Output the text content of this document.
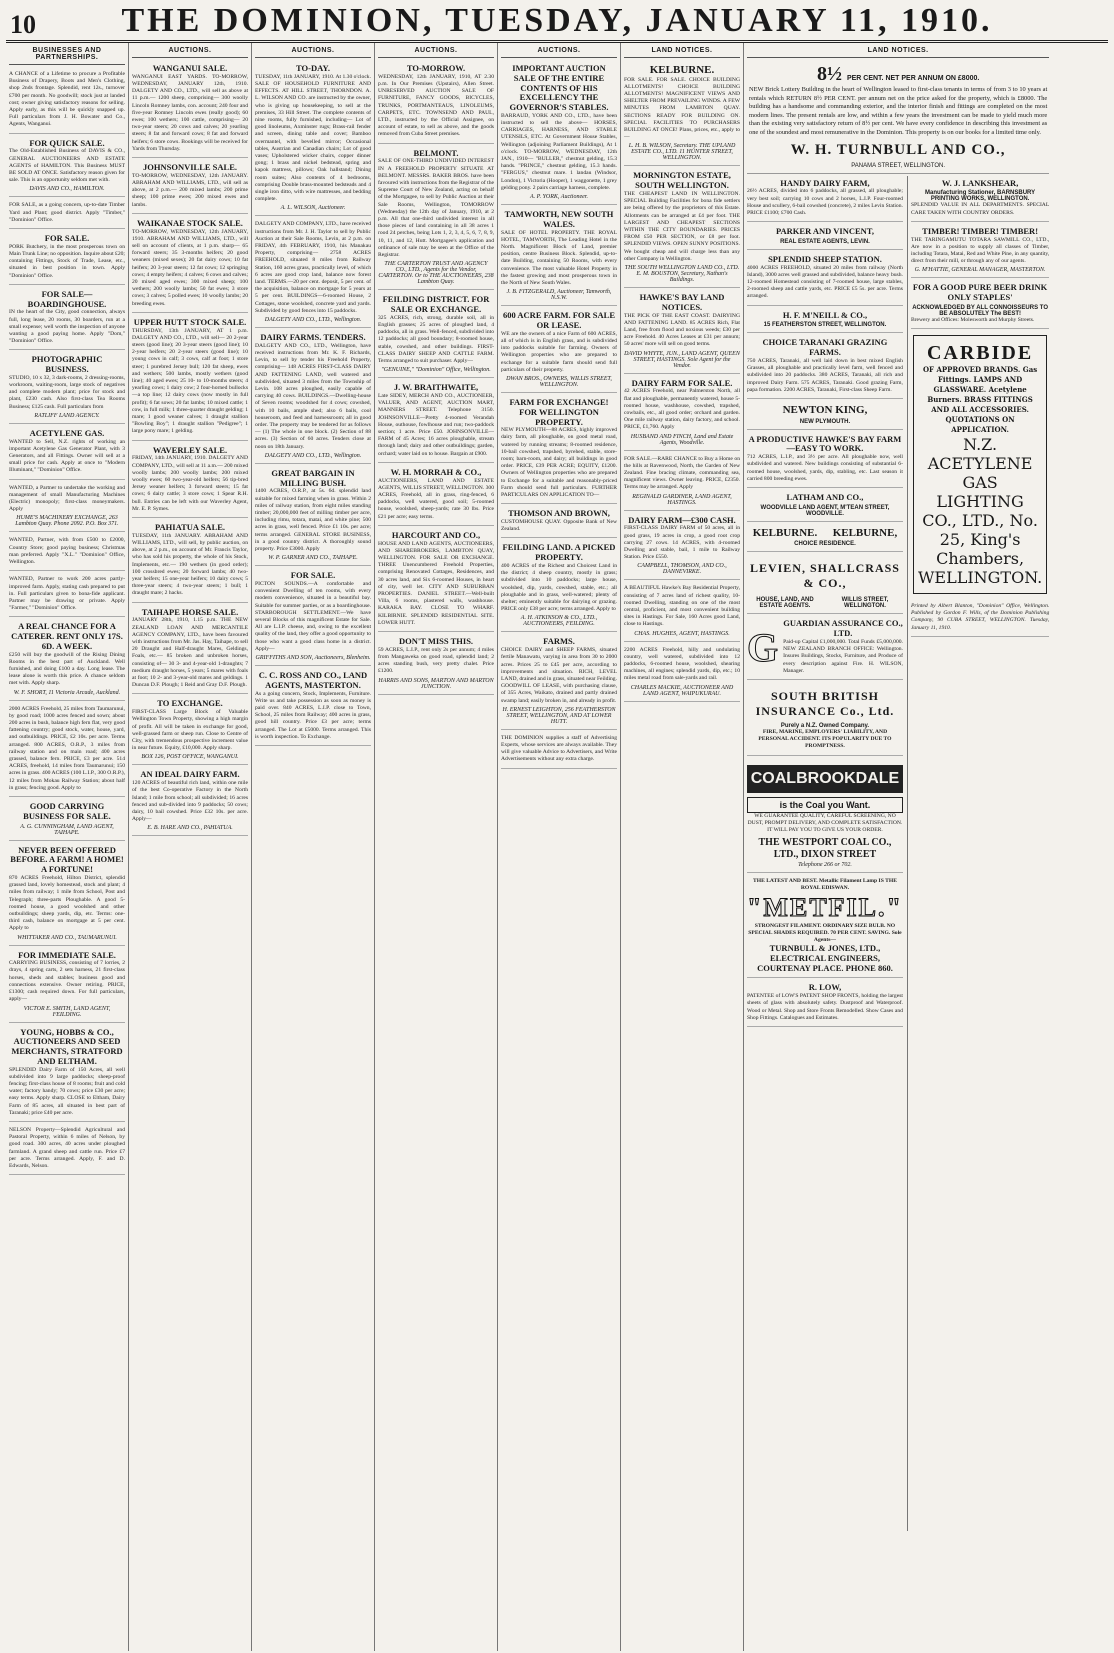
10	THE DOMINION, TUESDAY, JANUARY 11, 1910.
BUSINESSES AND PARTNERSHIPS.
A CHANCE of a Lifetime to procure a Profitable Business of Drapery, Boots and Men's Clothing, shop 2nds frontage. Splendid, rent 12s., turnover £700 per month. No goodwill; stock just at landed cost; owner giving satisfactory reasons for selling. Apply early, as this will be quickly snapped up. Full particulars from J. H. Bowater and Co., Agents, Wanganui.
FOR QUICK SALE.
The Old-Established Business of DAVIS & CO., GENERAL AUCTIONEERS AND ESTATE AGENTS of HAMILTON. This Business MUST BE SOLD AT ONCE. Satisfactory reason given for sale. This is an opportunity seldom met with.
DAVIS AND CO., HAMILTON.
FOR SALE, as a going concern, up-to-date Timber Yard and Plant; good district. Apply "Timber," "Dominion" Office.
FOR SALE.
PORK Butchery, in the most prosperous town on Main Trunk Line; no opposition. Inquire about £20; containing Fittings, Stock of Trade, Lease, etc., situated in best position in town. Apply "Dominion" Office.
FOR SALE—BOARDINGHOUSE.
IN the heart of the City, good connection, always full, long lease, 20 rooms, 30 boarders, run at a small expense; well worth the inspection of anyone wanting a good paying home. Apply "Dom," "Dominion" Office.
PHOTOGRAPHIC BUSINESS.
STUDIO, 10 x 32, 3 dark-rooms, 2 dressing-rooms, workroom, waiting-room, large stock of negatives and complete modern plant; price for stock and plant, £230 cash. Also first-class Tea Rooms Business; £125 cash. Full particulars from
RATLIFF LAND AGENCY.
ACETYLENE GAS.
WANTED to Sell, N.Z. rights of working an important Acetylene Gas Generator Plant, with 3 Generators, and all Fittings. Owner will sell at a small price for cash. Apply at once to "Modern Illuminant," "Dominion" Office.
WANTED, a Partner to undertake the working and management of small Manufacturing Machines (Electric) monopoly; first-class moneymakers. Apply
HUME'S MACHINERY EXCHANGE, 263 Lambton Quay. Phone 2092. P.O. Box 371.
WANTED, Partner, with from £500 to £2000, Country Store; good paying business; Christmas man preferred. Apply "X.L." "Dominion" Office, Wellington.
WANTED, Partner to work 200 acres partly-improved farm. Apply, stating cash prepared to put in. Full particulars given to bona-fide applicant. Partner may be drawing or private. Apply "Farmer," "Dominion" Office.
A REAL CHANCE FOR A CATERER. RENT ONLY 17S. 6D. A WEEK.
£250 will buy the goodwill of the Rising Dining Rooms in the best part of Auckland. Well furnished, and doing £100 a day. Long lease. The lease alone is worth this price. A chance seldom met with. Apply sharp.
W. F. SHORT, 11 Victoria Arcade, Auckland.
2000 ACRES Freehold, 25 miles from Taumarunui, by good road; 1000 acres fenced and sown; about 200 acres in bush, balance high fern flat, very good fattening country; good stock, water, house, yard, and outbuildings. PRICE, £2 10s. per acre. Terms arranged. 800 ACRES, O.R.P., 3 miles from railway station and on main road; 400 acres grassed, balance fern. PRICE, £3 per acre. 514 ACRES, freehold, 14 miles from Taumarunui; 150 acres in grass. 400 ACRES (100 L.I.P., 300 O.R.P.), 12 miles from Mokau Railway Station; about half in grass; fencing good. Apply to
GOOD CARRYING BUSINESS FOR SALE.
A. G. CUNNINGHAM, LAND AGENT, TAIHAPE.
NEVER BEEN OFFERED BEFORE. A FARM! A HOME! A FORTUNE!
870 ACRES Freehold, Hilton District, splendid grassed land, lovely homestead, stock and plant; 4 miles from railway; 1 mile from School, Post and Telegraph; three-parts Ploughable. A good 5-roomed house, a good woolshed and other outbuildings; sheep yards, dip, etc. Terms: one-third cash, balance on mortgage at 5 per cent. Apply to
WHITTAKER AND CO., TAUMARUNUI.
FOR IMMEDIATE SALE.
CARRYING BUSINESS, consisting of 7 lorries, 2 drays, 4 spring carts, 2 sets harness, 21 first-class horses, sheds and stables; business good and connections extensive. Owner retiring. PRICE, £1300; cash required down. For full particulars, apply—
VICTOR E. SMITH, LAND AGENT, FEILDING.
YOUNG, HOBBS & CO., AUCTIONEERS AND SEED MERCHANTS, STRATFORD AND ELTHAM.
SPLENDID Dairy Farm of 150 Acres, all well subdivided into 9 large paddocks; sheep-proof fencing; first-class house of 8 rooms; fruit and cold water; factory handy; 70 cows; price £30 per acre; easy terms. Apply sharp. CLOSE to Eltham, Dairy Farm of 85 acres, all situated in best part of Taranaki; price £40 per acre.
NELSON Property—Splendid Agricultural and Pastoral Property, within 6 miles of Nelson, by good road. 300 acres, 40 acres under ploughed farmland. A grand sheep and cattle run. Price £7 per acre. Terms arranged. Apply, F. and D. Edwards, Nelson.
AUCTIONS.
WANGANUI SALE.
WANGANUI EAST YARDS. TO-MORROW, WEDNESDAY, JANUARY 12th, 1910. DALGETY AND CO., LTD., will sell as above at 11 p.m.— 1200 sheep, comprising— 300 woolly Lincoln Romney lambs, con. account; 240 four and five-year Romney Lincoln ewes (really good); 60 ewes; 100 wethers; 100 cattle, comprising— 20 two-year steers; 20 cows and calves; 20 yearling steers; 8 fat and forward cows; 8 fat and forward heifers; 6 store cows. Bookings will be received for Yards from Thursday.
JOHNSONVILLE SALE.
TO-MORROW, WEDNESDAY, 12th JANUARY. ABRAHAM AND WILLIAMS, LTD., will sell as above, at 2 p.m.— 200 mixed lambs; 200 prime sheep; 100 prime ewes; 200 mixed ewes and lambs.
WAIKANAE STOCK SALE.
TO-MORROW, WEDNESDAY, 12th JANUARY, 1910. ABRAHAM AND WILLIAMS, LTD., will sell on account of clients, at 1 p.m. sharp— 65 forward steers; 35 3-months heifers; 20 good weaners (mixed sexes); 20 fat dairy cows; 10 fat heifers; 20 3-year steers; 12 fat cows; 12 springing cows; 4 empty heifers; 4 calves; 6 cows and calves; 20 mixed aged ewes; 300 mixed sheep; 100 wethers; 200 woolly lambs; 50 fat ewes; 3 store cows; 3 calves; 5 polled ewes; 10 woolly lambs; 20 breeding ewes.
UPPER HUTT STOCK SALE.
THURSDAY, 13th JANUARY, AT 1 p.m. DALGETY AND CO., LTD., will sell— 20 2-year steers (good line); 20 3-year steers (good line); 10 2-year heifers; 20 2-year steers (good line); 10 young cows in calf; 3 cows, calf at foot; 1 store steer; 1 purebred Jersey bull; 120 fat sheep, ewes and wethers; 500 lambs, mostly wethers (good line); 40 aged ewes; 25 10- to 10-months steers; 4 yearling cows; 1 dairy cow; 2 four-horned bullocks—a top line; 12 dairy cows (now mostly in full profit); 6 fat sows; 20 fat lambs; 10 mixed cattle; 1 cow, in full milk; 1 three-quarter draught gelding; 1 mare; 1 good weaner calves; 1 draught stallion "Bowling Boy"; 1 draught stallion "Pedigree"; 1 large pony mare; 1 gelding.
WAVERLEY SALE.
FRIDAY, 14th JANUARY, 1910. DALGETY AND COMPANY, LTD., will sell at 11 a.m.— 200 mixed woolly lambs; 200 woolly lambs; 200 mixed woolly ewes; 60 two-year-old heifers; 56 tip-bred Jersey weaner heifers; 3 forward steers; 15 fat cows; 6 dairy cattle; 3 store cows; 1 Spear R.H. bull. Entries can be left with our Waverley Agent, Mr. E. P. Symes.
PAHIATUA SALE.
TUESDAY, 11th JANUARY. ABRAHAM AND WILLIAMS, LTD., will sell, by public auction, on above, at 2 p.m., on account of Mr. Francis Taylor, who has sold his property, the whole of his Stock, Implements, etc.— 190 wethers (in good order); 100 crossbred ewes; 20 forward lambs; 40 two-year heifers; 15 one-year heifers; 10 dairy cows; 5 three-year steers; 4 two-year steers; 1 bull; 1 draught mare; 2 hacks.
TAIHAPE HORSE SALE.
JANUARY 28th, 1910, 1.15 p.m. THE NEW ZEALAND LOAN AND MERCANTILE AGENCY COMPANY, LTD., have been favoured with instructions from Mr. Jas. Hay, Taihape, to sell 20 Draught and Half-draught Mares, Geldings, Foals, etc.— 85 broken and unbroken horses, consisting of— 30 3- and 4-year-old 1-draughts; 7 medium draught horses, 5 years; 5 mares with foals at foot; 10 2- and 3-year-old mares and geldings. 1 Duncan D.F. Plough; 1 Reid and Gray D.F. Plough.
TO EXCHANGE.
FIRST-CLASS Large Block of Valuable Wellington Town Property, showing a high margin of profit. All will be taken in exchange for good, well-grassed farm or sheep run. Close to Centre of City, with tremendous prospective increment value in near future. Equity, £10,000. Apply sharp.
BOX 126, POST OFFICE, WANGANUI.
AN IDEAL DAIRY FARM.
120 ACRES of beautiful rich land, within one mile of the best Co-operative Factory in the North Island; 1 mile from school; all subdivided; 16 acres fenced and sub-divided into 9 paddocks; 50 cows; dairy, 10 bail cowshed. Price £32 10s. per acre. Apply—
E. B. HARE AND CO., PAHIATUA.
AUCTIONS.
TO-DAY.
TUESDAY, 11th JANUARY, 1910. At 1.30 o'clock. SALE OF HOUSEHOLD FURNITURE AND EFFECTS. AT HILL STREET, THORNDON. A. L. WILSON AND CO. are instructed by the owner, who is giving up housekeeping, to sell at the premises, 33 Hill Street. The complete contents of nine rooms, fully furnished, including— Lot of good linoleums, Axminster rugs; Brass-rail fender and screen, dining table and cover; Bamboo overmantel, with bevelled mirror; Occasional tables, Austrian and Canadian chairs; Lot of good vases; Upholstered wicker chairs, copper dinner gong; 1 brass and nickel bedstead, spring and kapok mattress, pillows; Oak hallstand; Dining room suites; Also contents of 4 bedrooms, comprising Double brass-mounted bedsteads and 4 single iron ditto, with wire mattresses, and bedding complete.
A. L. WILSON, Auctioneer.
DALGETY AND COMPANY, LTD., have received instructions from Mr. J. H. Taylor to sell by Public Auction at their Sale Rooms, Levin, at 2 p.m. on FRIDAY, 4th FEBRUARY, 1910, his Manakau Property, comprising— 2758 ACRES FREEHOLD, situated 8 miles from Railway Station, 160 acres grass, practically level, of which 6 acres are good crop land, balance now forest land. TERMS.—20 per cent. deposit, 5 per cent. of the acquisition, balance on mortgage for 5 years at 5 per cent. BUILDINGS—6-roomed House, 2 Cottages, stone woolshed, concrete yard and yards. Subdivided by good fences into 15 paddocks.
DALGETY AND CO., LTD., Wellington.
DAIRY FARMS. TENDERS.
DALGETY AND CO., LTD., Wellington, have received instructions from Mr. K. F. Richards, Levin, to sell by tender his Freehold Property, comprising— 148 ACRES FIRST-CLASS DAIRY AND FATTENING LAND, well watered and subdivided, situated 3 miles from the Township of Levin. 108 acres ploughed, easily capable of carrying 40 cows. BUILDINGS.—Dwelling-house of Seven rooms; woodshed for 4 cows; cowshed, with 10 bails, ample shed; also 6 bails, cool houseroom, and feed and harnessroom; all in good order. The property may be tendered for as follows— (1) The whole in one block. (2) Section of 88 acres. (3) Section of 60 acres. Tenders close at noon on 18th January.
DALGETY AND CO., LTD., Wellington.
GREAT BARGAIN IN MILLING BUSH.
1400 ACRES, O.R.P., at 5s. 6d. splendid land suitable for mixed farming when in grass. Within 2 miles of railway station, from eight miles standing timber; 20,000,000 feet of milling timber per acre, including rimu, totara, matai, and white pine; 500 acres in grass, well fenced. Price £1 10s. per acre; terms arranged. GENERAL STORE BUSINESS, in a good country district. A thoroughly sound property. Price £3000. Apply
W. P. GARNER AND CO., TAIHAPE.
FOR SALE.
PICTON SOUNDS.—A comfortable and convenient Dwelling of ten rooms, with every modern convenience, situated in a beautiful bay. Suitable for summer parties, or as a boardinghouse. STARBOROUGH SETTLEMENT.—We have several Blocks of this magnificent Estate for Sale. All are L.I.P. cheese, and, owing to the excellent quality of the land, they offer a good opportunity to those who want a good class home in a district. Apply—
GRIFFITHS AND SON, Auctioneers, Blenheim.
C. C. ROSS AND CO., LAND AGENTS, MASTERTON.
As a going concern, Stock, Implements, Furniture. Write us and take possession as soon as money is paid over. 840 ACRES, L.I.P. close to Town, School, 25 miles from Railway; 400 acres in grass, good hill country. Price £3 per acre; terms arranged. The Lot at £5000. Terms arranged. This is worth inspection. To Exchange.
AUCTIONS.
TO-MORROW.
WEDNESDAY, 12th JANUARY, 1910, AT 2.30 p.m. In Our Premises (Upstairs), Allen Street. UNRESERVED AUCTION SALE OF FURNITURE, FANCY GOODS, BICYCLES, TRUNKS, PORTMANTEAUS, LINOLEUMS, CARPETS, ETC. TOWNSEND AND PAUL, LTD., instructed by the Official Assignee, on account of estate, to sell as above, and the goods removed from Cuba Street premises.
BELMONT.
SALE OF ONE-THIRD UNDIVIDED INTEREST IN A FREEHOLD PROPERTY SITUATE AT BELMONT. MESSRS. BAKER BROS. have been favoured with instructions from the Registrar of the Supreme Court of New Zealand, acting on behalf of the Mortgagee, to sell by Public Auction at their Sale Rooms, Wellington, TOMORROW (Wednesday) the 12th day of January, 1910, at 2 p.m. All that one-third undivided interest in all those pieces of land containing in all 38 acres 1 rood 24 perches, being Lots 1, 2, 3, 4, 5, 6, 7, 8, 9, 10, 11, and 12, Hutt. Mortgagee's application and ordinance of sale may be seen at the Office of the Registrar.
THE CARTERTON TRUST AND AGENCY CO., LTD., Agents for the Vendor, CARTERTON. Or to THE AUCTIONEERS, 238 Lambton Quay.
FEILDING DISTRICT. FOR SALE OR EXCHANGE.
325 ACRES, rich, strong, durable soil, all in English grasses; 25 acres of ploughed land, 4 paddocks, all in grass. Well-fenced, subdivided into 12 paddocks; all good boundary; 8-roomed house, stable, cowshed, and other buildings. FIRST-CLASS DAIRY SHEEP AND CATTLE FARM. Terms arranged to suit purchaser. Apply—
"GENUINE," "Dominion" Office, Wellington.
J. W. BRAITHWAITE,
Late SIDEY, MERCH AND CO., AUCTIONEER, VALUER, AND AGENT, AUCTION MART, MANNERS STREET. Telephone 3150. JOHNSONVILLE—Pretty 4-roomed Verandah House, outhouse, fowlhouse and run; two-paddock section; 1 acre. Price £50. JOHNSONVILLE—FARM of 45 Acres; 16 acres ploughable, stream through land; dairy and other outbuildings; garden, orchard; water laid on to house. Bargain at £900.
W. H. MORRAH & CO.,
AUCTIONEERS, LAND AND ESTATE AGENTS, WILLIS STREET, WELLINGTON. 300 ACRES, Freehold, all in grass, ring-fenced, 6 paddocks, well watered, good soil; 5-roomed house, woolshed, sheep-yards; rate 30 lbs. Price £21 per acre; easy terms.
HARCOURT AND CO.,
HOUSE AND LAND AGENTS, AUCTIONEERS, AND SHAREBROKERS, LAMBTON QUAY, WELLINGTON. FOR SALE OR EXCHANGE. THREE Unencumbered Freehold Properties, comprising Renovated Cottages, Residences, and 30 acres land, and Six 6-roomed Houses, in heart of city, well let. CITY AND SUBURBAN PROPERTIES. DANIEL STREET.—Well-built Villa, 6 rooms, plastered walls, washhouse. KARAKA BAY. CLOSE TO WHARF. KILBIRNIE. SPLENDID RESIDENTIAL SITE. LOWER HUTT.
DON'T MISS THIS.
59 ACRES, L.I.P., rent only 2s per annum; 4 miles from Mangaweka on good road, splendid land; 2 acres standing bush, very pretty chalet. Price £1200.
HARRIS AND SONS, MARTON AND MARTON JUNCTION.
AUCTIONS.
IMPORTANT AUCTION SALE OF THE ENTIRE CONTENTS OF HIS EXCELLENCY THE GOVERNOR'S STABLES.
BARRAUD, YORK AND CO., LTD., have been instructed to sell the above— HORSES, CARRIAGES, HARNESS, AND STABLE UTENSILS, ETC. At Government House Stables, Wellington (adjoining Parliament Buildings), At 1 o'clock. TO-MORROW, WEDNESDAY, 12th JAN., 1910— "BULLER," chestnut gelding, 15.3 hands. "PRINCE," chestnut gelding, 15.3 hands. "FERGUS," chestnut mare. 1 landau (Windsor, London), 1 Victoria (Hooper), 1 waggonette, 1 grey gelding pony. 2 pairs carriage harness, complete.
A. P. YORK, Auctioneer.
TAMWORTH, NEW SOUTH WALES.
SALE OF HOTEL PROPERTY. THE ROYAL HOTEL, TAMWORTH, The Leading Hotel in the North. Magnificent Block of Land, premier position, centre Business Block. Splendid, up-to-date Building, containing 50 Rooms, with every convenience. The most valuable Hotel Property in the fastest growing and most prosperous town in the North of New South Wales.
J. B. FITZGERALD, Auctioneer, Tamworth, N.S.W.
600 ACRE FARM. FOR SALE OR LEASE.
WE are the owners of a nice Farm of 600 ACRES, all of which is in English grass, and is subdivided into paddocks suitable for farming. Owners of Wellington properties who are prepared to exchange for a suitable farm should send full particulars of their property.
DWAN BROS., OWNERS, WILLIS STREET, WELLINGTON.
FARM FOR EXCHANGE! FOR WELLINGTON PROPERTY.
NEW PLYMOUTH—88 ACRES, highly improved dairy farm, all ploughable, on good metal road, watered by running streams; 8-roomed residence, 10-bail cowshed, trapshed, byrehed, stable, store-room; barn-room, and dairy; all buildings in good order. PRICE, £39 PER ACRE; EQUITY, £1200. Owners of Wellington properties who are prepared to Exchange for a suitable and reasonably-priced Farm should send full particulars. FURTHER PARTICULARS ON APPLICATION TO—
THOMSON AND BROWN,
CUSTOMHOUSE QUAY. Opposite Bank of New Zealand.
FEILDING LAND. A PICKED PROPERTY.
400 ACRES of the Richest and Choicest Land in the district; 4 sheep country, mostly in grass; subdivided into 10 paddocks; large house, woolshed, dip, yards, cowshed, stable, etc.; all ploughable and in grass, well-watered; plenty of shelter; eminently suitable for dairying or grazing. PRICE only £38 per acre; terms arranged. Apply to
A. H. ATKINSON & CO., LTD., AUCTIONEERS, FEILDING.
FARMS.
CHOICE DAIRY and SHEEP FARMS, situated fertile Manawatu, varying in area from 30 to 2000 acres. Prices 25 to £45 per acre, according to improvements and situation. RICH, LEVEL LAND, drained and in grass, situated near Feilding. GOODWILL OF LEASE, with purchasing clause, of 355 Acres, Waikato, drained and partly drained swamp land; easily broken in, and already in profit.
H. ERNEST LEIGHTON, 256 FEATHERSTON STREET, WELLINGTON, AND AT LOWER HUTT.
THE DOMINION supplies a staff of Advertising Experts, whose services are always available. They will give valuable Advice to Advertisers, and Write Advertisements without any extra charge.
LAND NOTICES.
KELBURNE.
FOR SALE. FOR SALE. CHOICE BUILDING ALLOTMENTS! CHOICE BUILDING ALLOTMENTS! MAGNIFICENT VIEWS AND SHELTER FROM PREVAILING WINDS. A FEW MINUTES FROM LAMBTON QUAY. SECTIONS READY FOR BUILDING ON. SPECIAL FACILITIES TO PURCHASERS BUILDING AT ONCE! Plans, prices, etc., apply to—
L. H. B. WILSON, Secretary. THE UPLAND ESTATE CO., LTD. 11 HUNTER STREET, WELLINGTON.
MORNINGTON ESTATE, SOUTH WELLINGTON.
THE CHEAPEST LAND IN WELLINGTON. SPECIAL Building Facilities for bona fide settlers are being offered by the proprietors of this Estate. Allotments can be arranged at £4 per foot. THE LARGEST AND CHEAPEST SECTIONS WITHIN THE CITY BOUNDARIES. PRICES FROM £50 PER SECTION, or £8 per foot. SPLENDID VIEWS. OPEN SUNNY POSITIONS. We bought cheap and will charge less than any other Company in Wellington.
THE SOUTH WELLINGTON LAND CO., LTD. E. M. BOUSTON, Secretary, Nathan's Buildings.
HAWKE'S BAY LAND NOTICES.
THE PICK OF THE EAST COAST. DAIRYING AND FATTENING LAND. 85 ACRES Rich, Flat Land, free from flood and noxious weeds; £30 per acre Freehold. 40 Acres Leases at £31 per annum; 50 acres' more will sell on good terms.
DAVID WHYTE, JUN., LAND AGENT, QUEEN STREET, HASTINGS. Sole Agent for the Vendor.
DAIRY FARM FOR SALE.
42 ACRES Freehold, near Palmerston North, all flat and ploughable, permanently watered, house 5-roomed house, washhouse, cowshed, trapshed, cowbails, etc., all good order; orchard and garden. One mile railway station, dairy factory, and school. PRICE, £1,760. Apply
HUSBAND AND FINCH, Land and Estate Agents, Woodville.
FOR SALE.—RARE CHANCE to Buy a Home on the hills at Ravenwood, North, the Garden of New Zealand. Fine bracing climate, commanding sea, magnificent views. Owner leaving. PRICE, £2350. Terms may be arranged. Apply
REGINALD GARDINER, LAND AGENT, HASTINGS.
DAIRY FARM—£300 CASH.
FIRST-CLASS DAIRY FARM of 50 acres, all in good grass, 19 acres in crop, a good root crop carrying 27 cows. 14 ACRES, with 4-roomed Dwelling and stable, bail, 1 mile to Railway Station. Price £550.
CAMPBELL, THOMSON, AND CO., DANNEVIRKE.
A BEAUTIFUL Hawke's Bay Residential Property, consisting of 7 acres land of richest quality, 10-roomed Dwelling, standing on one of the most central, proficient, and most convenient building sites in Hastings. For Sale, 160 Acres good Land, close to Hastings.
CHAS. HUGHES, AGENT, HASTINGS.
2200 ACRES Freehold, hilly and undulating country, well watered, subdivided into 12 paddocks, 6-roomed house, woolshed, shearing machines, all engines; splendid yards, dip, etc.; 10 miles metal road from sale-yards and rail.
CHARLES MACKIE, AUCTIONEER AND LAND AGENT, WAIPUKURAU.
LAND NOTICES.
8½ PER CENT. NET PER ANNUM ON £8000.
NEW Brick Lottery Building in the heart of Wellington leased to first-class tenants in terms of from 3 to 10 years at rentals which RETURN 8½ PER CENT. per annum net on the price asked for the property, which is £8000. The building has a handsome and commanding exterior, and the interior finish and fittings are completed on the most modern lines. The present rentals are low, and within a few years the investment can be made to yield much more than the existing very satisfactory return of 8½ per cent. We have every confidence in describing this investment as one of the soundest and most remunerative in the Dominion. This property is on our books for a limited time only.
W. H. TURNBULL AND CO.,
PANAMA STREET, WELLINGTON.
HANDY DAIRY FARM,
26½ ACRES, divided into 6 paddocks, all grassed, all ploughable; very best soil; carrying 10 cows and 2 horses, L.I.P. Four-roomed House and scullery, 6-bail cowshed (concrete), 2 miles Levin Station. PRICE £1100; £700 Cash.
PARKER AND VINCENT,
REAL ESTATE AGENTS, LEVIN.
SPLENDID SHEEP STATION.
4000 ACRES FREEHOLD, situated 20 miles from railway (North Island), 3000 acres well grassed and subdivided, balance heavy bush. 12-roomed Homestead consisting of 7-roomed house, large stables, 2-roomed sheep and cattle yards, etc. PRICE £5 5s. per acre. Terms arranged.
H. F. M'NEILL & CO.,
15 FEATHERSTON STREET, WELLINGTON.
CHOICE TARANAKI GRAZING FARMS.
750 ACRES, Taranaki, all well laid down in best mixed English Grasses, all ploughable and practically level farm, well fenced and subdivided into 20 paddocks. 380 ACRES, Taranaki, all rich and improved Dairy Farm. 575 ACRES, Taranaki. Good grazing Farm, papa formation. 2200 ACRES, Taranaki, First-class Sheep Farm.
NEWTON KING,
NEW PLYMOUTH.
A PRODUCTIVE HAWKE'S BAY FARM—EASY TO WORK.
712 ACRES, L.I.P., and 3½ per acre. All ploughable now, well subdivided and watered. New buildings consisting of substantial 6-roomed house, woolshed, yards, dip, stabling, etc. Last season it carried 800 breeding ewes.
LATHAM AND CO.,
WOODVILLE LAND AGENT, M'TEAN STREET, WOODVILLE.
KELBURNE.	KELBURNE,
CHOICE RESIDENCE.
LEVIEN, SHALLCRASS & CO.,
HOUSE, LAND, AND ESTATE AGENTS.
WILLIS STREET, WELLINGTON.
G
GUARDIAN ASSURANCE CO., LTD.
Paid-up Capital £1,000,000. Total Funds £5,000,000. NEW ZEALAND BRANCH OFFICE: Wellington. Insures Buildings, Stocks, Furniture, and Produce of every description against Fire. H. WILSON, Manager.
SOUTH BRITISH INSURANCE Co., Ltd.
Purely a N.Z. Owned Company.
FIRE, MARINE, EMPLOYERS' LIABILITY, AND PERSONAL ACCIDENT. ITS POPULARITY DUE TO PROMPTNESS.
COALBROOKDALE
is the Coal you Want.
WE GUARANTEE QUALITY, CAREFUL SCREENING, NO DUST, PROMPT DELIVERY, AND COMPLETE SATISFACTION. IT WILL PAY YOU TO GIVE US YOUR ORDER.
THE WESTPORT COAL CO., LTD., DIXON STREET
Telephone 266 or 702.
THE LATEST AND BEST. Metallic Filament Lamp IS THE ROYAL EDISWAN.
"METFIL."
STRONGEST FILAMENT. ORDINARY SIZE BULB. NO SPECIAL SHADES REQUIRED. 70 PER CENT. SAVING. Sole Agents—
TURNBULL & JONES, LTD., ELECTRICAL ENGINEERS, COURTENAY PLACE. PHONE 860.
R. LOW,
PATENTEE of LOW'S PATENT SHOP FRONTS, holding the largest sheets of glass with absolutely safety. Dustproof and Waterproof. Wood or Metal. Shop and Store Fronts Remodelled. Show Cases and Shop Fittings. Catalogues and Estimates.
W. J. LANKSHEAR,
Manufacturing Stationer, BARNSBURY PRINTING WORKS, WELLINGTON.
SPLENDID VALUE IN ALL DEPARTMENTS. SPECIAL CARE TAKEN WITH COUNTRY ORDERS.
TIMBER! TIMBER! TIMBER!
THE TARINGAMUTU TOTARA SAWMILL CO., LTD., Are now in a position to supply all classes of Timber, including Totara, Matai, Red and White Pine, in any quantity, direct from their mill, or through any of our agents.
G. M'HATTIE, GENERAL MANAGER, MASTERTON.
FOR A GOOD PURE BEER DRINK ONLY STAPLES'
ACKNOWLEDGED BY ALL CONNOISSEURS TO BE ABSOLUTELY The BEST!
Brewery and Offices: Molesworth and Murphy Streets.
CARBIDE
OF APPROVED BRANDS. Gas Fittings. LAMPS AND GLASSWARE. Acetylene Burners. BRASS FITTINGS AND ALL ACCESSORIES. QUOTATIONS ON APPLICATION.
N.Z. ACETYLENE GAS LIGHTING CO., LTD., No. 25, King's Chambers, WELLINGTON.
Printed by Albert Blanton, "Dominion" Office, Wellington. Published by Gordon F. Wills, of the Dominion Publishing Company, 90 CUBA STREET, WELLINGTON. Tuesday, January 11, 1910.
